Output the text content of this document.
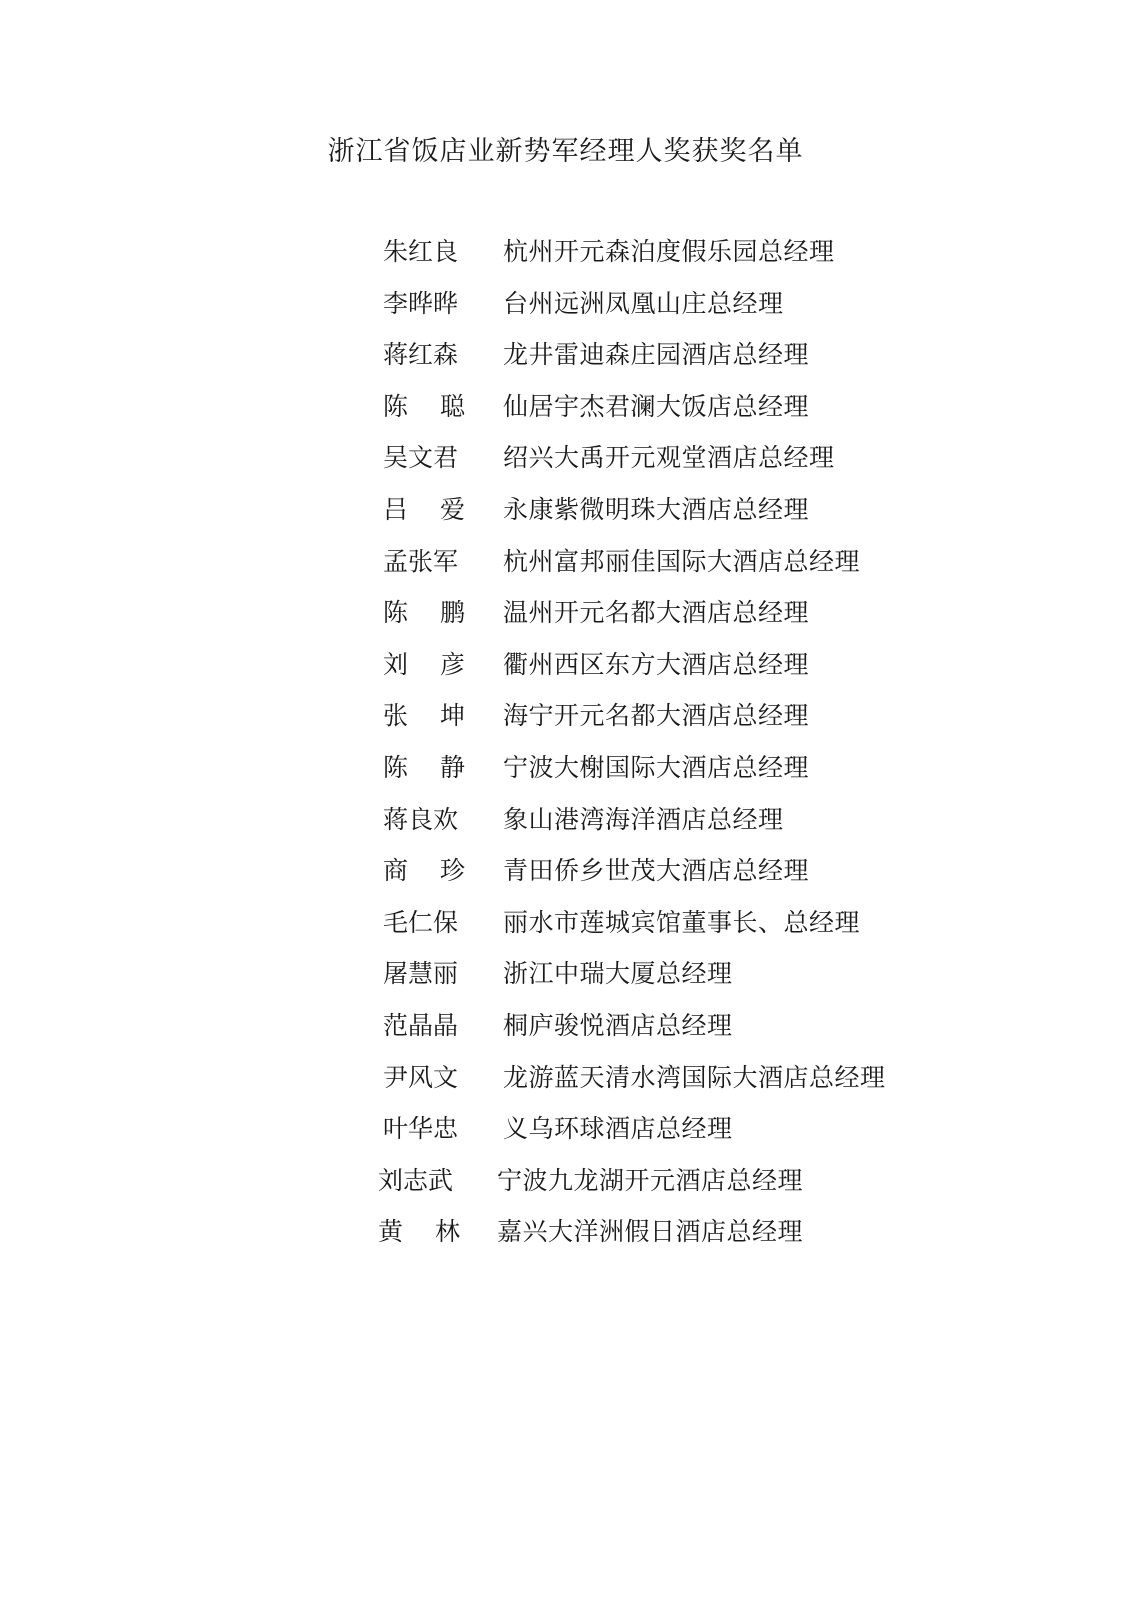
浙江省饭店业新势军经理人奖获奖名单
朱红良 杭州开元森泊度假乐园总经理
李晔晔 台州远洲凤凰山庄总经理
蒋红森 龙井雷迪森庄园酒店总经理
陈 聪 仙居宇杰君澜大饭店总经理
吴文君 绍兴大禹开元观堂酒店总经理
吕 爱 永康紫微明珠大酒店总经理
孟张军 杭州富邦丽佳国际大酒店总经理
陈 鹏 温州开元名都大酒店总经理
刘 彦 衢州西区东方大酒店总经理
张 坤 海宁开元名都大酒店总经理
陈 静 宁波大榭国际大酒店总经理
蒋良欢 象山港湾海洋酒店总经理
商 珍 青田侨乡世茂大酒店总经理
毛仁保 丽水市莲城宾馆董事长、总经理
屠慧丽 浙江中瑞大厦总经理
范晶晶 桐庐骏悦酒店总经理
尹风文 龙游蓝天清水湾国际大酒店总经理
叶华忠 义乌环球酒店总经理
刘志武 宁波九龙湖开元酒店总经理
黄 林 嘉兴大洋洲假日酒店总经理
